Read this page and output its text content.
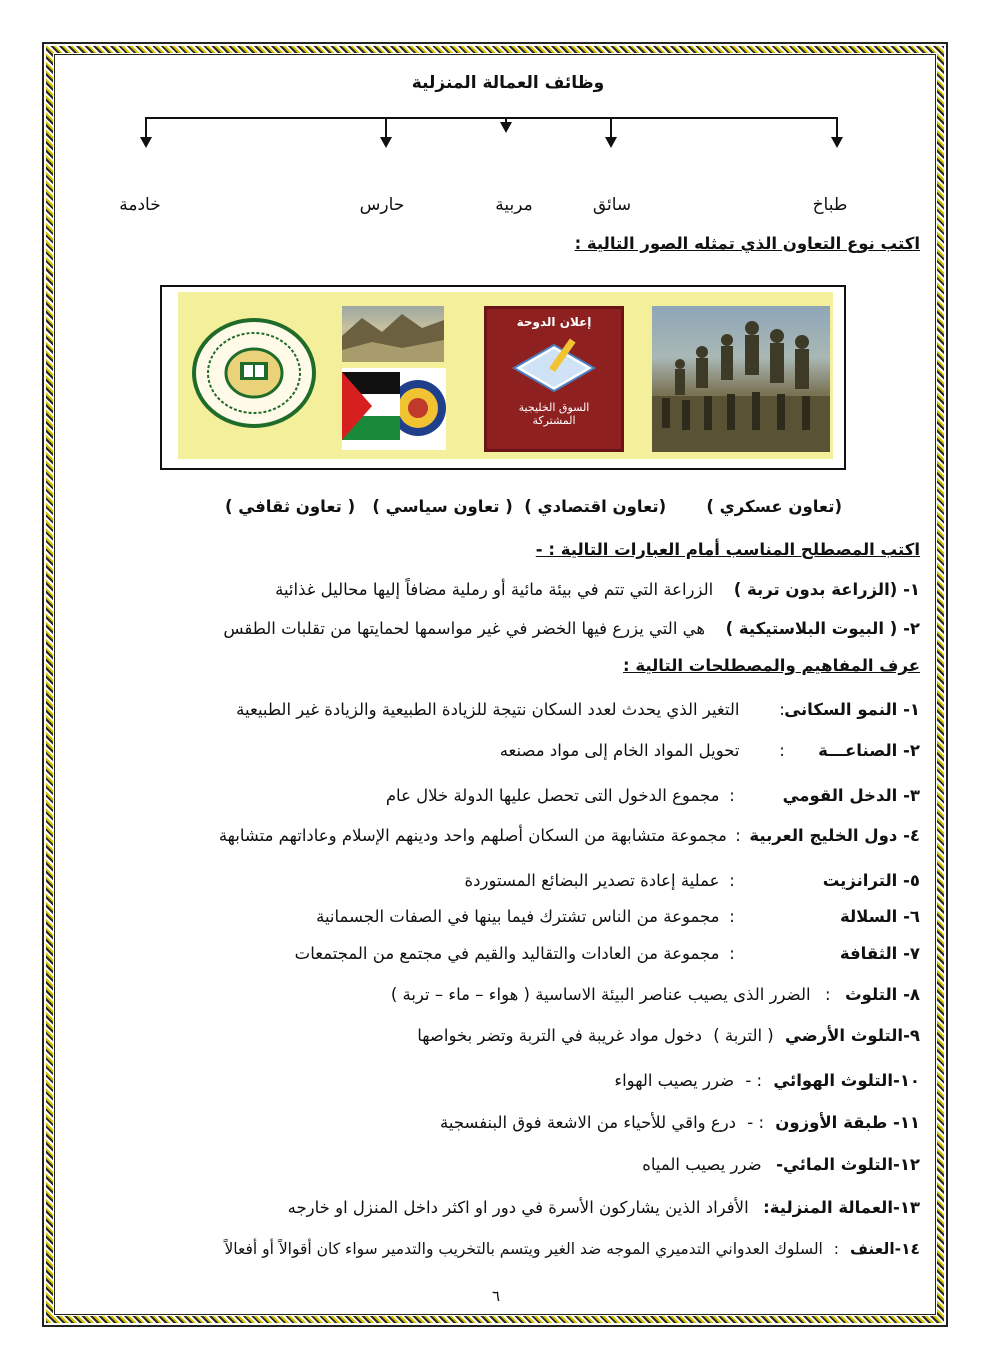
وظائف العمالة المنزلية
طباخ
سائق
مربية
حارس
خادمة
اكتب نوع التعاون الذي تمثله الصور التالية :
إعلان الدوحة
السوق الخليجية
المشتركة
(تعاون عسكري )       (تعاون اقتصادي )  ( تعاون سياسي )   ( تعاون ثقافي )
اكتب المصطلح المناسب أمام العبارات التالية : -
١- (الزراعة بدون تربة )  الزراعة التي تتم في بيئة مائية أو رملية مضافاً إليها محاليل غذائية
٢- ( البيوت البلاستيكية )  هي التي يزرع فيها الخضر في غير مواسمها لحمايتها من تقلبات الطقس
عرف المفاهيم والمصطلحات التالية :
١- النمو السكانى : التغير الذي يحدث لعدد السكان نتيجة للزيادة الطبيعية والزيادة غير الطبيعية
٢- الصناعـــة : تحويل المواد الخام إلى مواد مصنعه
٣- الدخل القومي : مجموع الدخول التى تحصل عليها الدولة خلال عام
٤- دول الخليج العربية : مجموعة متشابهة من السكان أصلهم واحد ودينهم الإسلام وعاداتهم متشابهة
٥- الترانزيت : عملية إعادة تصدير البضائع المستوردة
٦- السلالة : مجموعة من الناس تشترك فيما بينها في الصفات الجسمانية
٧- الثقافة : مجموعة من العادات والتقاليد والقيم في مجتمع من المجتمعات
٨- التلوث : الضرر الذى يصيب عناصر البيئة الاساسية ( هواء – ماء – تربة )
٩-التلوث الأرضي ( التربة ) دخول مواد غريبة في التربة وتضر بخواصها
١٠-التلوث الهوائي : - ضرر يصيب الهواء
١١- طبقة الأوزون : - درع واقي للأحياء من الاشعة فوق البنفسجية
١٢-التلوث المائي-  ضرر يصيب المياه
١٣-العمالة المنزلية:  الأفراد الذين يشاركون الأسرة في دور او اكثر داخل المنزل او خارجه
١٤-العنف : السلوك العدواني التدميري الموجه ضد الغير ويتسم بالتخريب والتدمير سواء كان أقوالاً أو أفعالاً
٦
